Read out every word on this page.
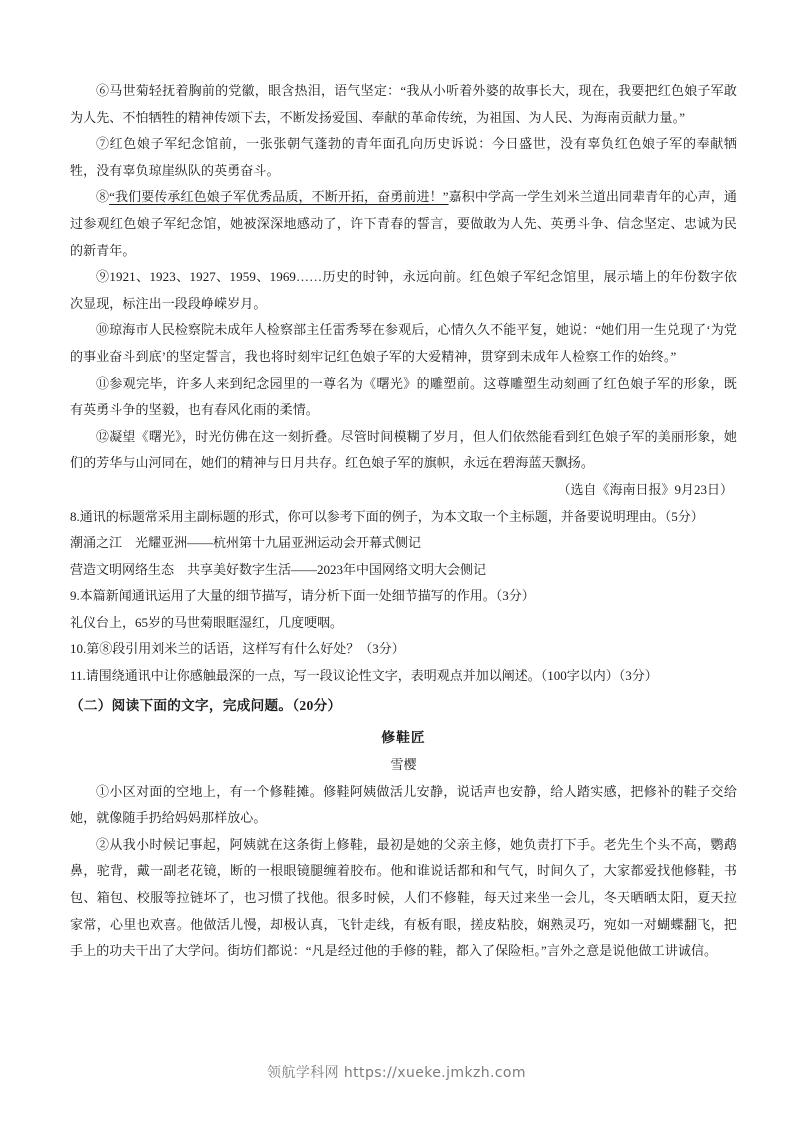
⑥马世菊轻抚着胸前的党徽，眼含热泪，语气坚定：“我从小听着外婆的故事长大，现在，我要把红色娘子军敢为人先、不怕牺牲的精神传颂下去，不断发扬爱国、奉献的革命传统，为祖国、为人民、为海南贡献力量。”

⑦红色娘子军纪念馆前，一张张朝气蓬勃的青年面孔向历史诉说：今日盛世，没有辜负红色娘子军的奉献牺牲，没有辜负琼崖纵队的英勇奋斗。

⑧“我们要传承红色娘子军优秀品质，不断开拓，奋勇前进！”嘉积中学高一学生刘米兰道出同辈青年的心声，通过参观红色娘子军纪念馆，她被深深地感动了，许下青春的誓言，要做敢为人先、英勇斗争、信念坚定、忠诚为民的新青年。

⑨1921、1923、1927、1959、1969……历史的时钟，永远向前。红色娘子军纪念馆里，展示墙上的年份数字依次显现，标注出一段段峥嵘岁月。

⑩琼海市人民检察院未成年人检察部主任雷秀琴在参观后，心情久久不能平复，她说：“她们用一生兑现了‘为党的事业奋斗到底’的坚定誓言，我也将时刻牢记红色娘子军的大爱精神，贯穿到未成年人检察工作的始终。”

⑪参观完毕，许多人来到纪念园里的一尊名为《曙光》的雕塑前。这尊雕塑生动刻画了红色娘子军的形象，既有英勇斗争的坚毅，也有春风化雨的柔情。

⑫凝望《曙光》，时光仿佛在这一刻折叠。尽管时间模糊了岁月，但人们依然能看到红色娘子军的美丽形象，她们的芳华与山河同在，她们的精神与日月共存。红色娘子军的旗帜，永远在碧海蓝天飘扬。

（选自《海南日报》9月23日）

8.通讯的标题常采用主副标题的形式，你可以参考下面的例子，为本文取一个主标题，并备要说明理由。（5分）

潮涌之江　光耀亚洲——杭州第十九届亚洲运动会开幕式侧记

营造文明网络生态　共享美好数字生活——2023年中国网络文明大会侧记

9.本篇新闻通讯运用了大量的细节描写，请分析下面一处细节描写的作用。（3分）

礼仪台上，65岁的马世菊眼眶湿红，几度哽咽。

10.第⑧段引用刘米兰的话语，这样写有什么好处？（3分）

11.请围绕通讯中让你感触最深的一点，写一段议论性文字，表明观点并加以阐述。（100字以内）（3分）

（二）阅读下面的文字，完成问题。（20分）

修鞋匠

雪樱

①小区对面的空地上，有一个修鞋摊。修鞋阿姨做活儿安静，说话声也安静，给人踏实感，把修补的鞋子交给她，就像随手扔给妈妈那样放心。

②从我小时候记事起，阿姨就在这条街上修鞋，最初是她的父亲主修，她负责打下手。老先生个头不高，鹦鹉鼻，驼背，戴一副老花镜，断的一根眼镜腿缠着胶布。他和谁说话都和和气气，时间久了，大家都爱找他修鞋，书包、箱包、校服等拉链坏了，也习惯了找他。很多时候，人们不修鞋，每天过来坐一会儿，冬天晒晒太阳，夏天拉家常，心里也欢喜。他做活儿慢，却极认真，飞针走线，有板有眼，搓皮粘胶，娴熟灵巧，宛如一对蝴蝶翻飞，把手上的功夫干出了大学问。街坊们都说：“凡是经过他的手修的鞋，都入了保险柜。”言外之意是说他做工讲诚信。

领航学科网 https://xueke.jmkzh.com
